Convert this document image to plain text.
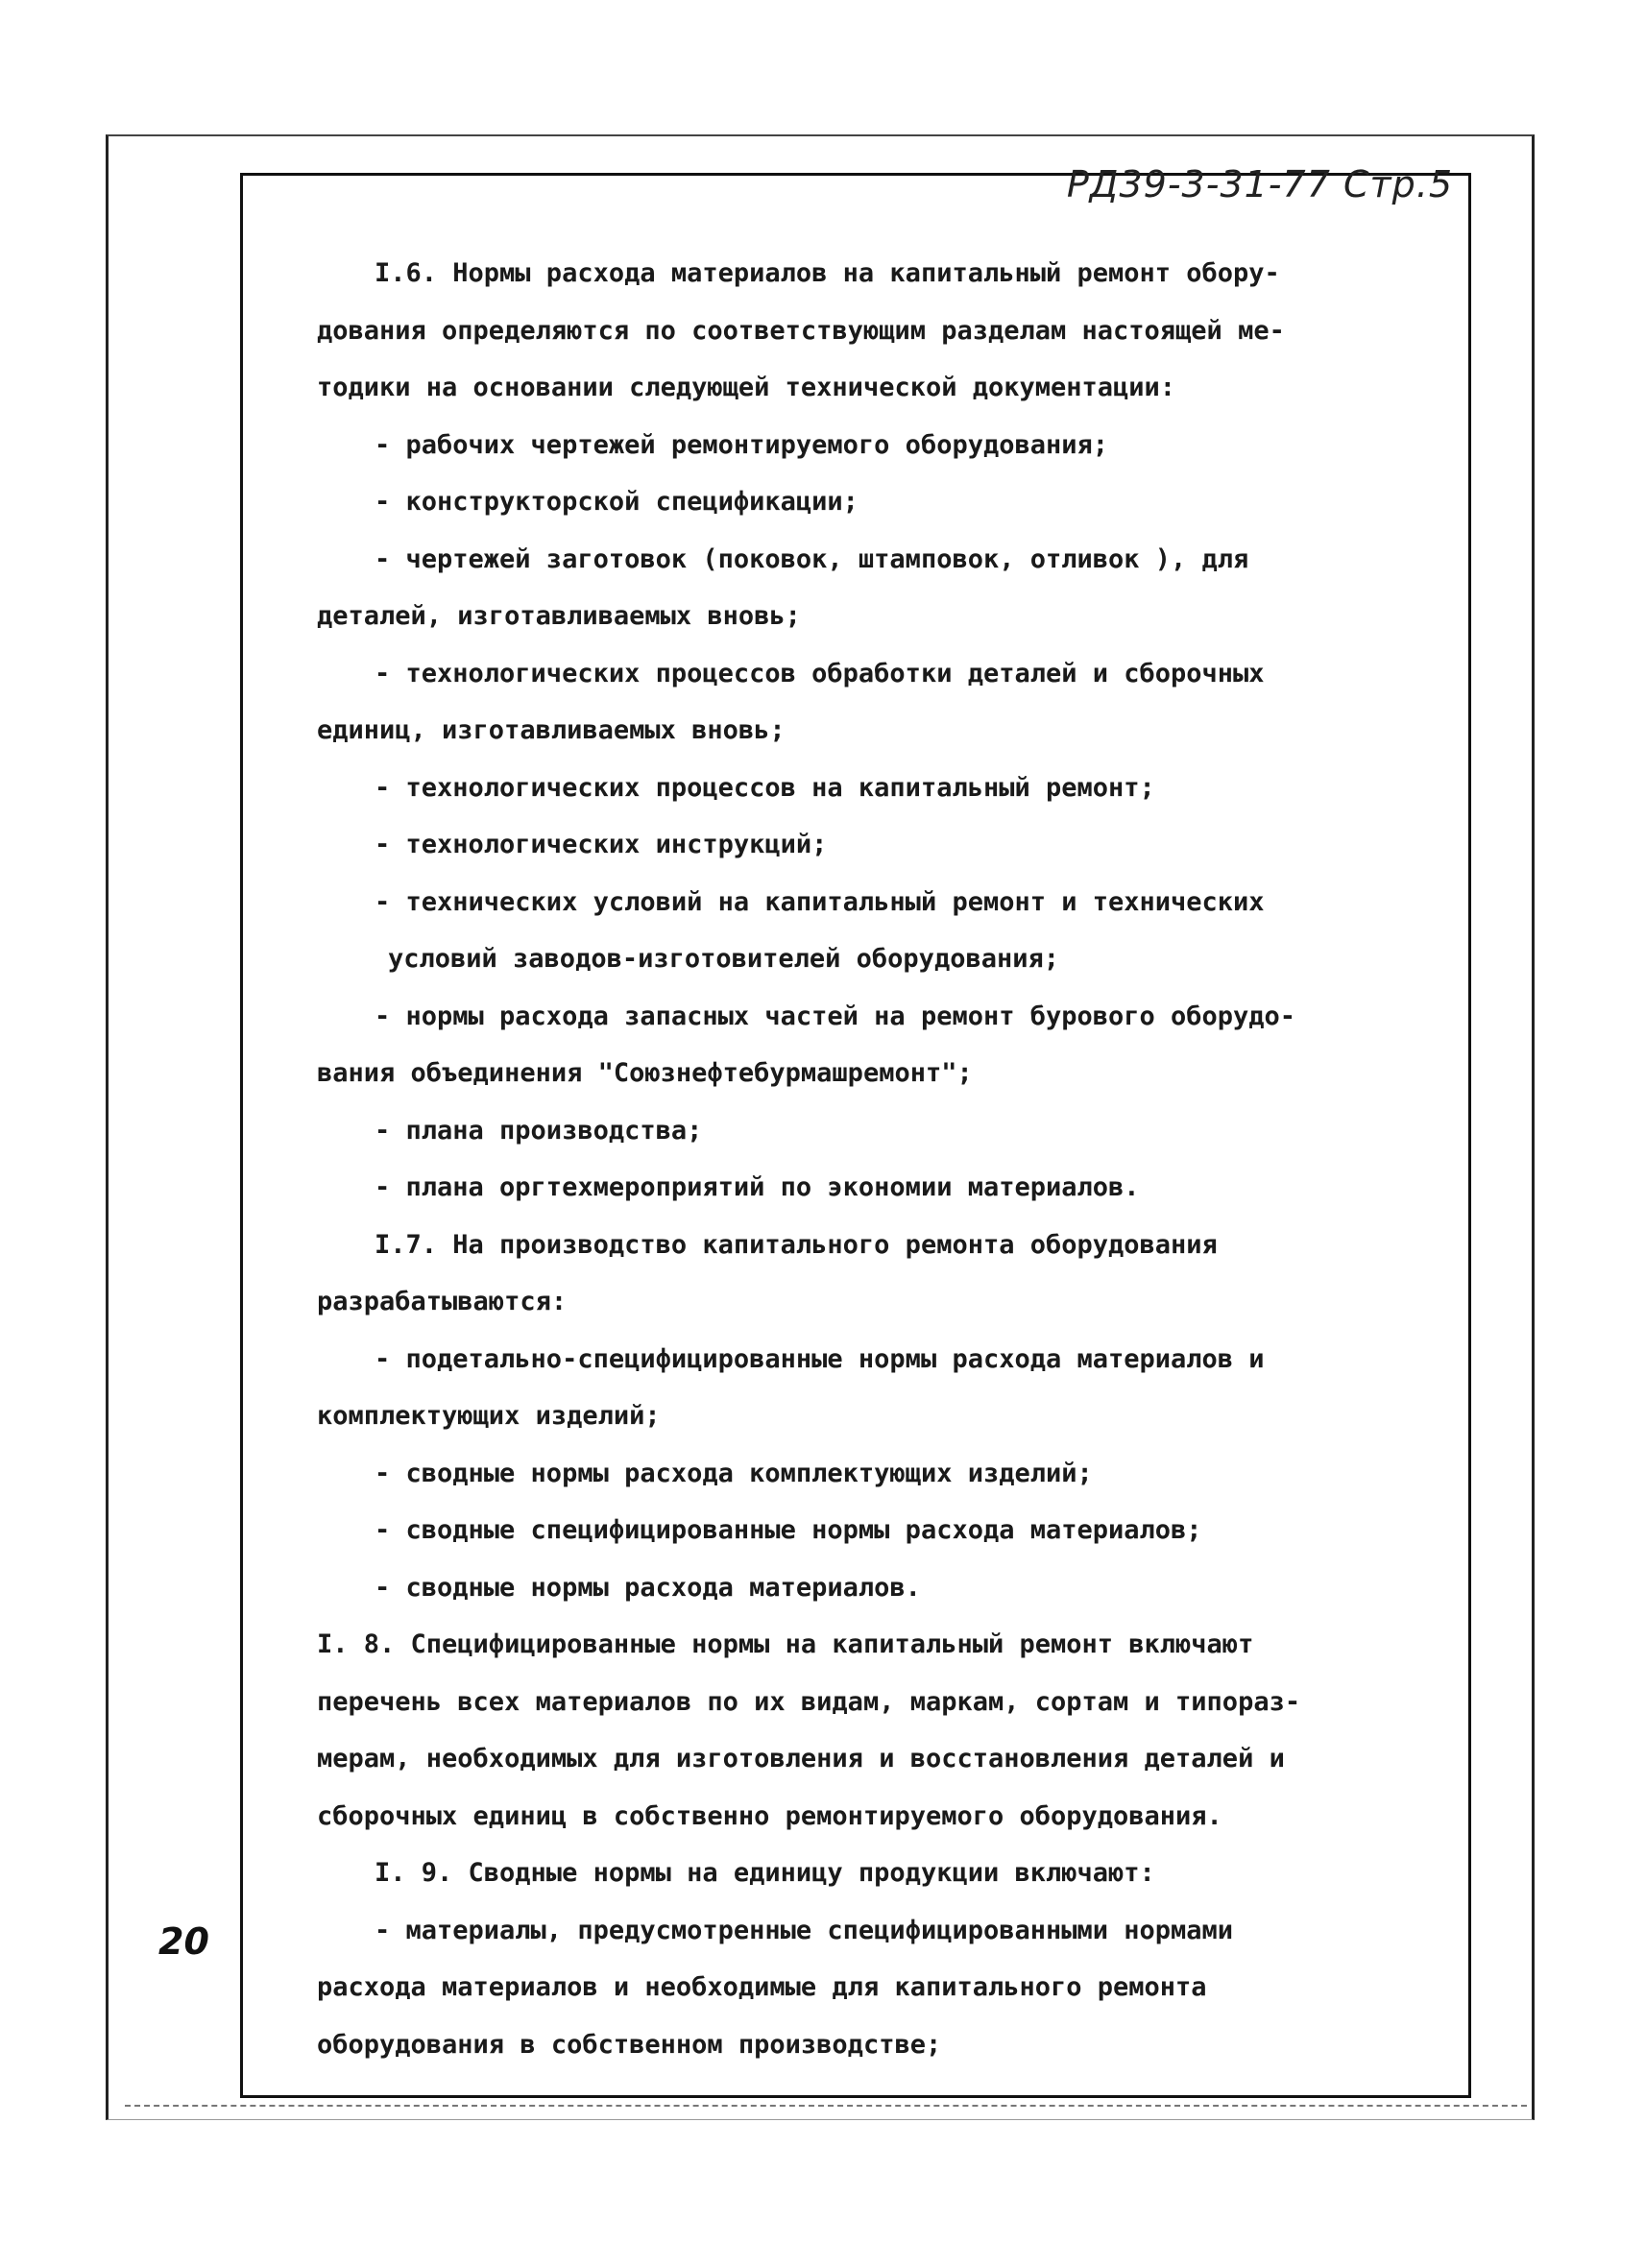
РД39-3-31-77 Стр.5
I.6. Нормы расхода материалов на капитальный ремонт обору-
дования определяются по соответствующим разделам настоящей ме-
тодики на основании следующей технической документации:
- рабочих чертежей ремонтируемого оборудования;
- конструкторской спецификации;
- чертежей заготовок (поковок, штамповок, отливок ), для
деталей, изготавливаемых вновь;
- технологических процессов обработки деталей и сборочных
единиц, изготавливаемых вновь;
- технологических процессов на капитальный ремонт;
- технологических инструкций;
- технических условий на капитальный ремонт и технических
условий заводов-изготовителей оборудования;
- нормы расхода запасных частей на ремонт бурового оборудо-
вания объединения "Союзнефтебурмашремонт";
- плана производства;
- плана оргтехмероприятий по экономии материалов.
I.7. На производство капитального ремонта оборудования
разрабатываются:
- подетально-специфицированные нормы расхода материалов и
комплектующих изделий;
- сводные нормы расхода комплектующих изделий;
- сводные специфицированные нормы расхода материалов;
- сводные нормы расхода материалов.
I. 8. Специфицированные нормы на капитальный ремонт включают
перечень всех материалов по их видам, маркам, сортам и типораз-
мерам, необходимых для изготовления и восстановления деталей и
сборочных единиц в собственно ремонтируемого оборудования.
I. 9. Сводные нормы на единицу продукции включают:
- материалы, предусмотренные специфицированными нормами
расхода материалов и необходимые для капитального ремонта
оборудования в собственном производстве;
20
